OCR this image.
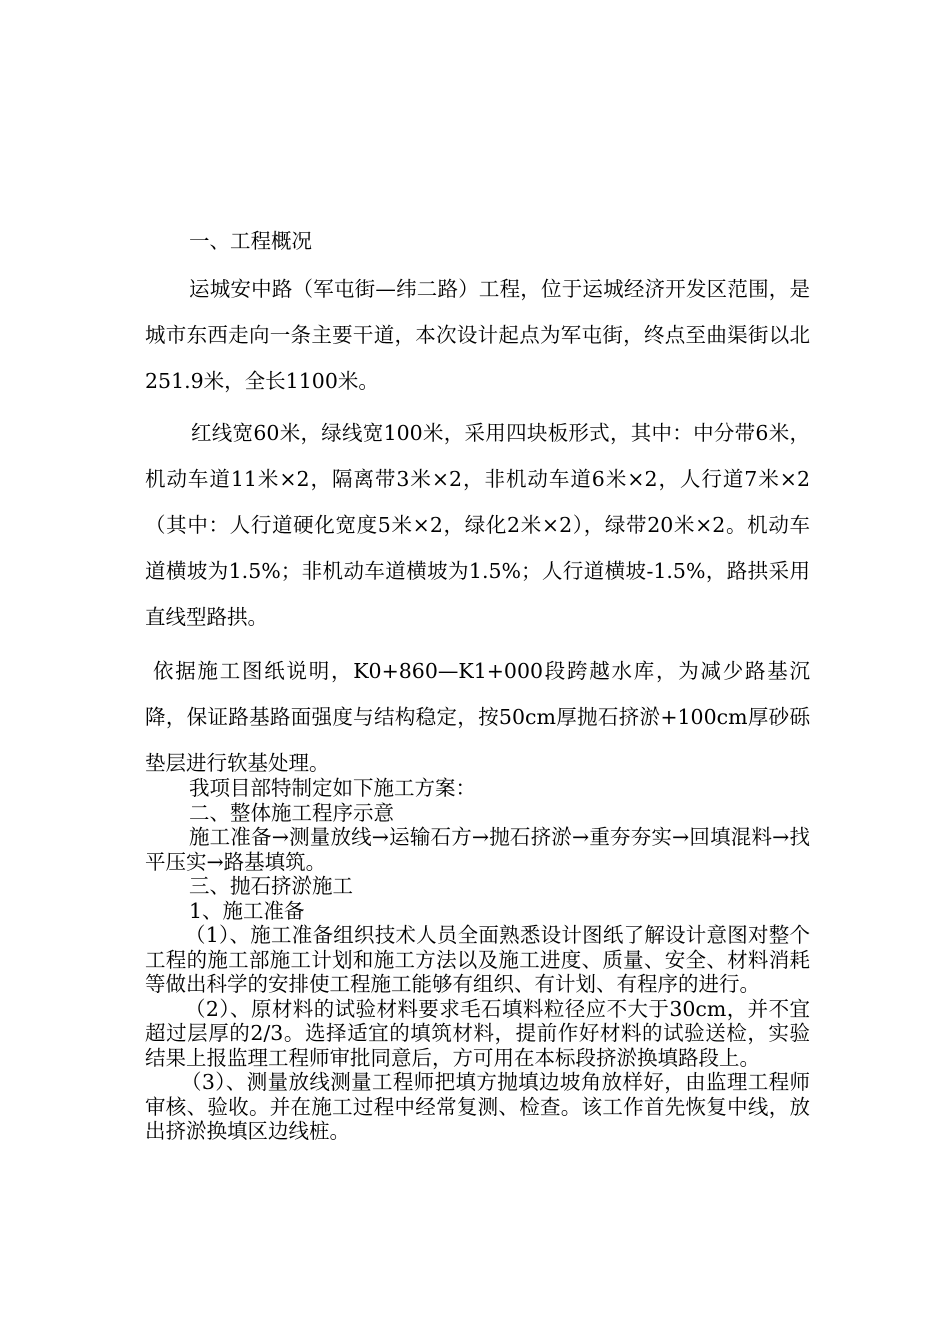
一、工程概况

运城安中路（军屯街—纬二路）工程，位于运城经济开发区范围，是城市东西走向一条主要干道，本次设计起点为军屯街，终点至曲渠街以北251.9米，全长1100米。

红线宽60米，绿线宽100米，采用四块板形式，其中：中分带6米，机动车道11米×2，隔离带3米×2，非机动车道6米×2，人行道7米×2（其中：人行道硬化宽度5米×2，绿化2米×2），绿带20米×2。机动车道横坡为1.5%；非机动车道横坡为1.5%；人行道横坡-1.5%，路拱采用直线型路拱。

依据施工图纸说明，K0+860—K1+000段跨越水库，为减少路基沉降，保证路基路面强度与结构稳定，按50cm厚抛石挤淤+100cm厚砂砾垫层进行软基处理。

我项目部特制定如下施工方案：

二、整体施工程序示意

施工准备→测量放线→运输石方→抛石挤淤→重夯夯实→回填混料→找平压实→路基填筑。

三、抛石挤淤施工

1、施工准备

（1）、施工准备组织技术人员全面熟悉设计图纸了解设计意图对整个工程的施工部施工计划和施工方法以及施工进度、质量、安全、材料消耗等做出科学的安排使工程施工能够有组织、有计划、有程序的进行。

（2）、原材料的试验材料要求毛石填料粒径应不大于30cm，并不宜超过层厚的2/3。选择适宜的填筑材料，提前作好材料的试验送检，实验结果上报监理工程师审批同意后，方可用在本标段挤淤换填路段上。

（3）、测量放线测量工程师把填方抛填边坡角放样好，由监理工程师审核、验收。并在施工过程中经常复测、检查。该工作首先恢复中线，放出挤淤换填区边线桩。
